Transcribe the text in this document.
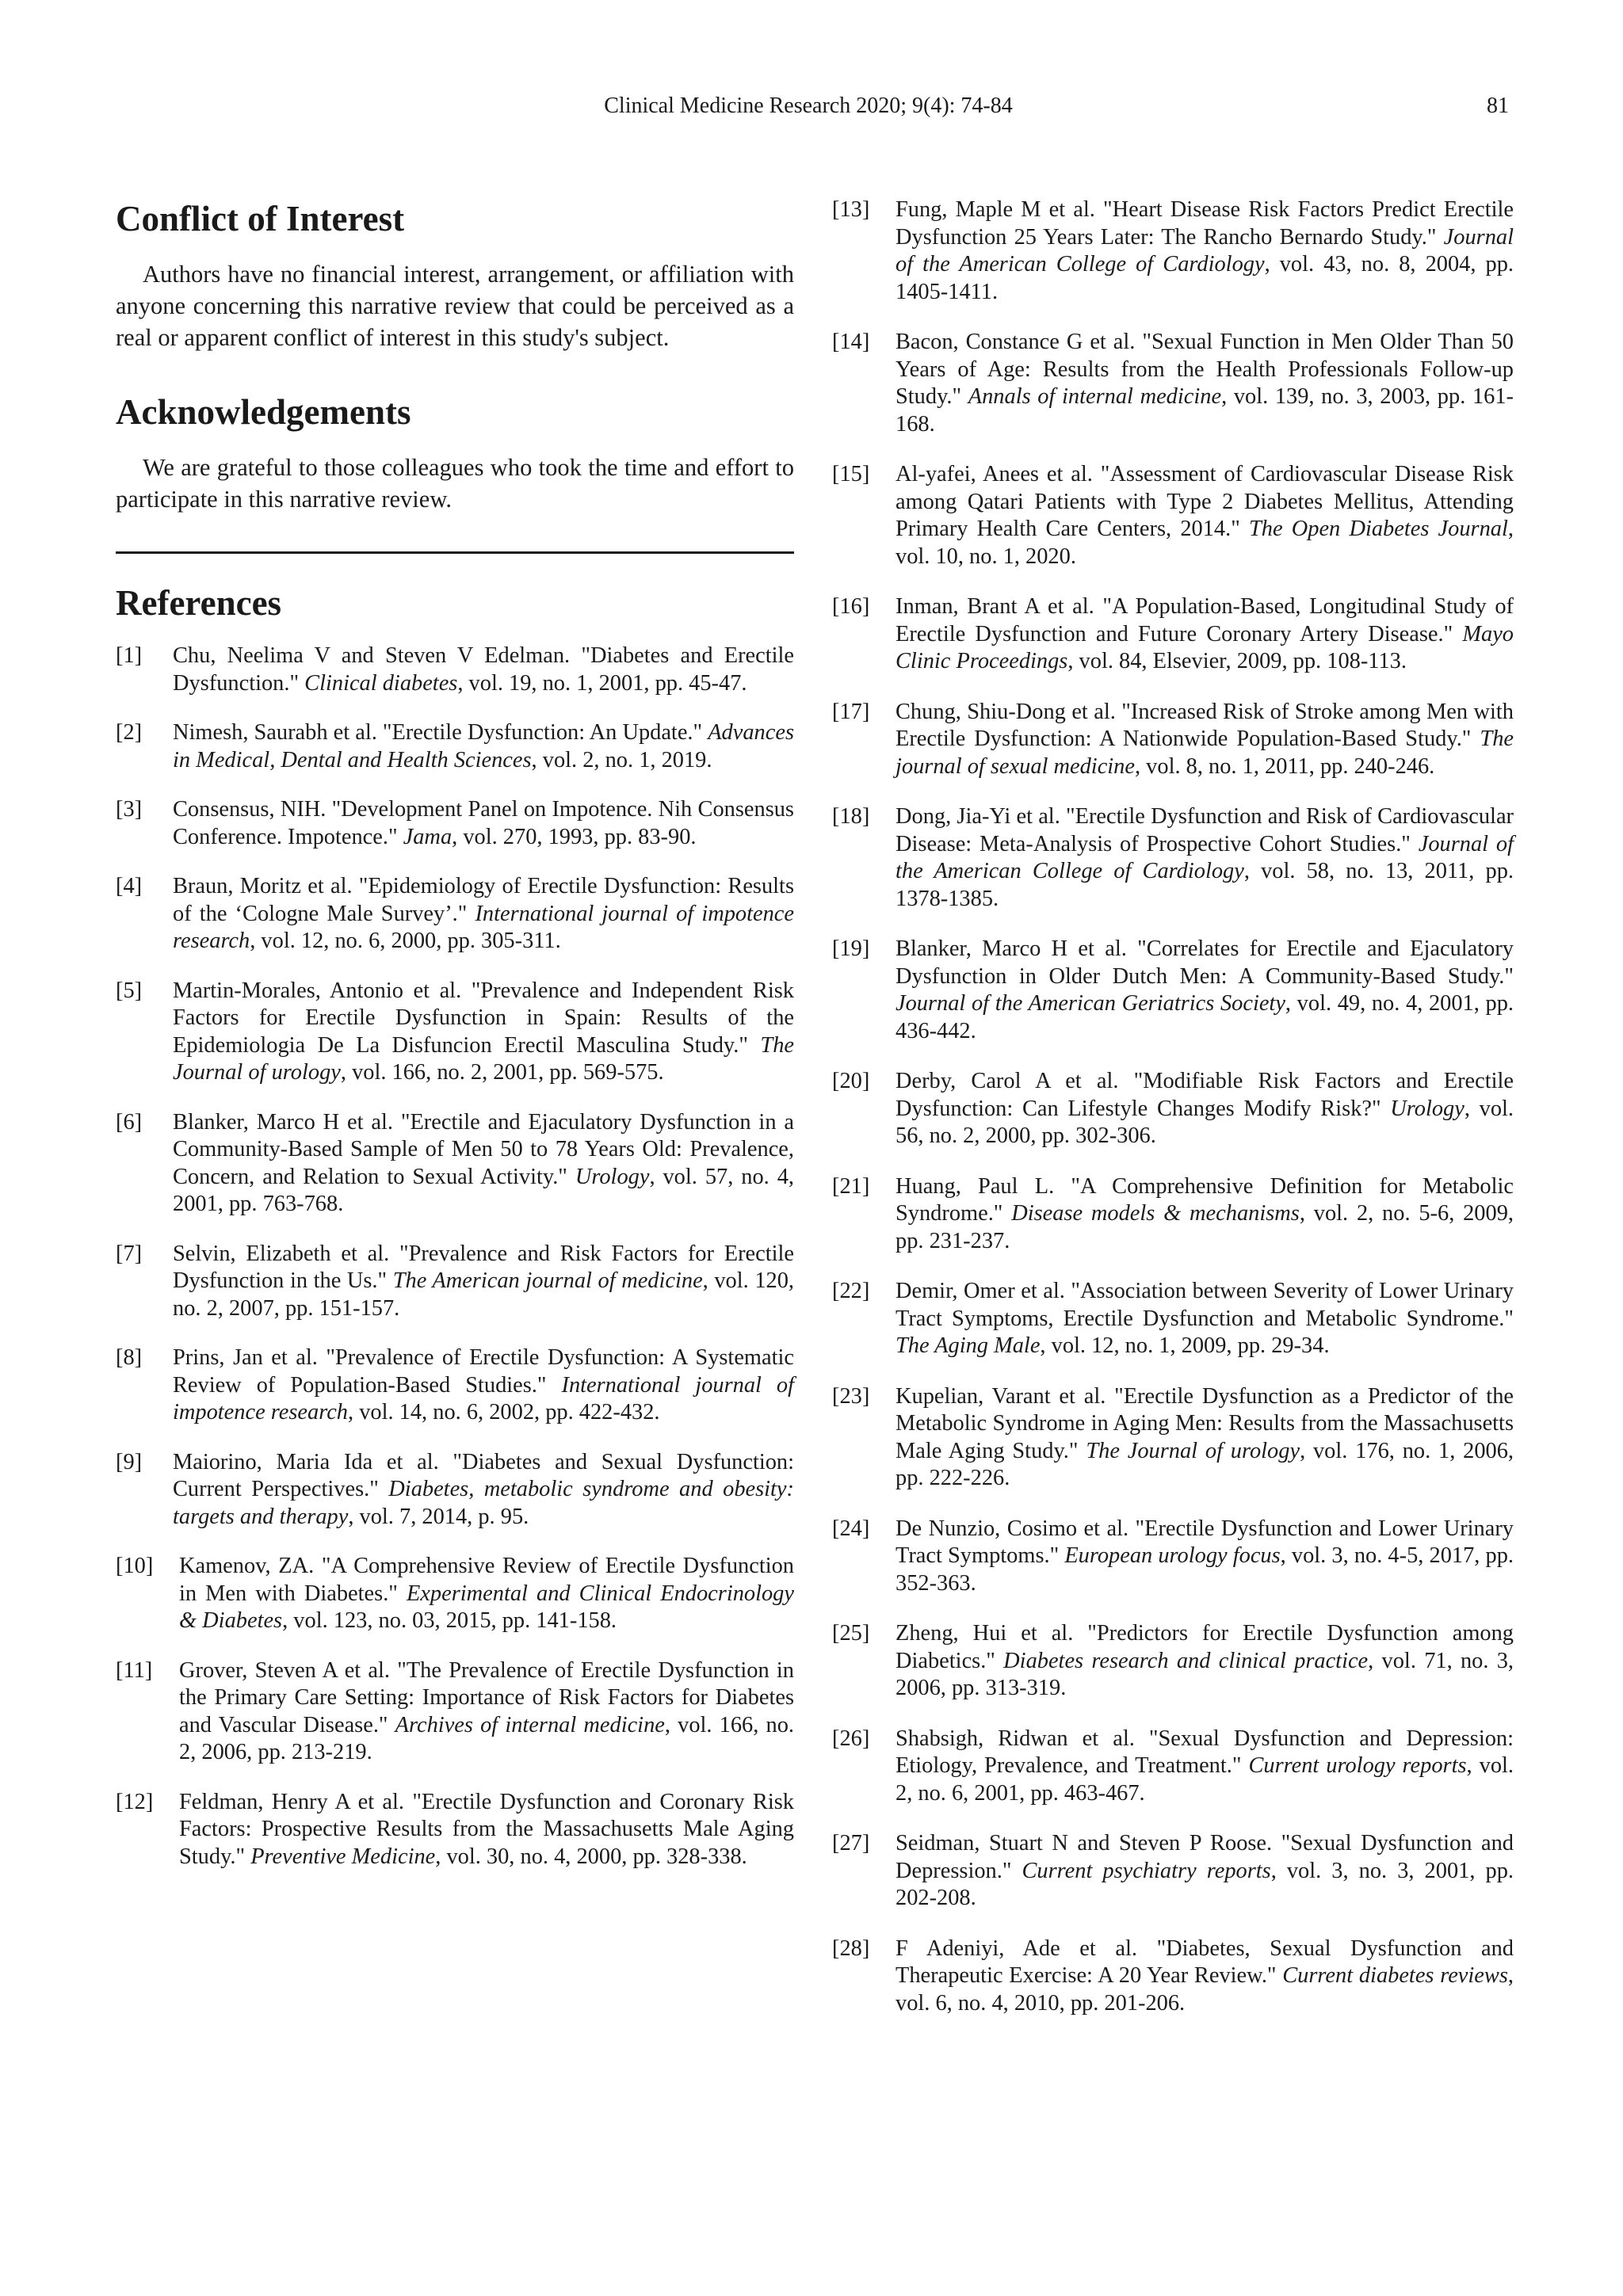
Clinical Medicine Research 2020; 9(4): 74-84	81
Conflict of Interest

Authors have no financial interest, arrangement, or affiliation with anyone concerning this narrative review that could be perceived as a real or apparent conflict of interest in this study's subject.

Acknowledgements

We are grateful to those colleagues who took the time and effort to participate in this narrative review.

References
[1]	Chu, Neelima V and Steven V Edelman. "Diabetes and Erectile Dysfunction." Clinical diabetes, vol. 19, no. 1, 2001, pp. 45-47.
[2]	Nimesh, Saurabh et al. "Erectile Dysfunction: An Update." Advances in Medical, Dental and Health Sciences, vol. 2, no. 1, 2019.
[3]	Consensus, NIH. "Development Panel on Impotence. Nih Consensus Conference. Impotence." Jama, vol. 270, 1993, pp. 83-90.
[4]	Braun, Moritz et al. "Epidemiology of Erectile Dysfunction: Results of the ‘Cologne Male Survey’." International journal of impotence research, vol. 12, no. 6, 2000, pp. 305-311.
[5]	Martin-Morales, Antonio et al. "Prevalence and Independent Risk Factors for Erectile Dysfunction in Spain: Results of the Epidemiologia De La Disfuncion Erectil Masculina Study." The Journal of urology, vol. 166, no. 2, 2001, pp. 569-575.
[6]	Blanker, Marco H et al. "Erectile and Ejaculatory Dysfunction in a Community-Based Sample of Men 50 to 78 Years Old: Prevalence, Concern, and Relation to Sexual Activity." Urology, vol. 57, no. 4, 2001, pp. 763-768.
[7]	Selvin, Elizabeth et al. "Prevalence and Risk Factors for Erectile Dysfunction in the Us." The American journal of medicine, vol. 120, no. 2, 2007, pp. 151-157.
[8]	Prins, Jan et al. "Prevalence of Erectile Dysfunction: A Systematic Review of Population-Based Studies." International journal of impotence research, vol. 14, no. 6, 2002, pp. 422-432.
[9]	Maiorino, Maria Ida et al. "Diabetes and Sexual Dysfunction: Current Perspectives." Diabetes, metabolic syndrome and obesity: targets and therapy, vol. 7, 2014, p. 95.
[10]	Kamenov, ZA. "A Comprehensive Review of Erectile Dysfunction in Men with Diabetes." Experimental and Clinical Endocrinology & Diabetes, vol. 123, no. 03, 2015, pp. 141-158.
[11]	Grover, Steven A et al. "The Prevalence of Erectile Dysfunction in the Primary Care Setting: Importance of Risk Factors for Diabetes and Vascular Disease." Archives of internal medicine, vol. 166, no. 2, 2006, pp. 213-219.
[12]	Feldman, Henry A et al. "Erectile Dysfunction and Coronary Risk Factors: Prospective Results from the Massachusetts Male Aging Study." Preventive Medicine, vol. 30, no. 4, 2000, pp. 328-338.
[13]	Fung, Maple M et al. "Heart Disease Risk Factors Predict Erectile Dysfunction 25 Years Later: The Rancho Bernardo Study." Journal of the American College of Cardiology, vol. 43, no. 8, 2004, pp. 1405-1411.
[14]	Bacon, Constance G et al. "Sexual Function in Men Older Than 50 Years of Age: Results from the Health Professionals Follow-up Study." Annals of internal medicine, vol. 139, no. 3, 2003, pp. 161-168.
[15]	Al-yafei, Anees et al. "Assessment of Cardiovascular Disease Risk among Qatari Patients with Type 2 Diabetes Mellitus, Attending Primary Health Care Centers, 2014." The Open Diabetes Journal, vol. 10, no. 1, 2020.
[16]	Inman, Brant A et al. "A Population-Based, Longitudinal Study of Erectile Dysfunction and Future Coronary Artery Disease." Mayo Clinic Proceedings, vol. 84, Elsevier, 2009, pp. 108-113.
[17]	Chung, Shiu‐Dong et al. "Increased Risk of Stroke among Men with Erectile Dysfunction: A Nationwide Population‐Based Study." The journal of sexual medicine, vol. 8, no. 1, 2011, pp. 240-246.
[18]	Dong, Jia-Yi et al. "Erectile Dysfunction and Risk of Cardiovascular Disease: Meta-Analysis of Prospective Cohort Studies." Journal of the American College of Cardiology, vol. 58, no. 13, 2011, pp. 1378-1385.
[19]	Blanker, Marco H et al. "Correlates for Erectile and Ejaculatory Dysfunction in Older Dutch Men: A Community‐Based Study." Journal of the American Geriatrics Society, vol. 49, no. 4, 2001, pp. 436-442.
[20]	Derby, Carol A et al. "Modifiable Risk Factors and Erectile Dysfunction: Can Lifestyle Changes Modify Risk?" Urology, vol. 56, no. 2, 2000, pp. 302-306.
[21]	Huang, Paul L. "A Comprehensive Definition for Metabolic Syndrome." Disease models & mechanisms, vol. 2, no. 5-6, 2009, pp. 231-237.
[22]	Demir, Omer et al. "Association between Severity of Lower Urinary Tract Symptoms, Erectile Dysfunction and Metabolic Syndrome." The Aging Male, vol. 12, no. 1, 2009, pp. 29-34.
[23]	Kupelian, Varant et al. "Erectile Dysfunction as a Predictor of the Metabolic Syndrome in Aging Men: Results from the Massachusetts Male Aging Study." The Journal of urology, vol. 176, no. 1, 2006, pp. 222-226.
[24]	De Nunzio, Cosimo et al. "Erectile Dysfunction and Lower Urinary Tract Symptoms." European urology focus, vol. 3, no. 4-5, 2017, pp. 352-363.
[25]	Zheng, Hui et al. "Predictors for Erectile Dysfunction among Diabetics." Diabetes research and clinical practice, vol. 71, no. 3, 2006, pp. 313-319.
[26]	Shabsigh, Ridwan et al. "Sexual Dysfunction and Depression: Etiology, Prevalence, and Treatment." Current urology reports, vol. 2, no. 6, 2001, pp. 463-467.
[27]	Seidman, Stuart N and Steven P Roose. "Sexual Dysfunction and Depression." Current psychiatry reports, vol. 3, no. 3, 2001, pp. 202-208.
[28]	F Adeniyi, Ade et al. "Diabetes, Sexual Dysfunction and Therapeutic Exercise: A 20 Year Review." Current diabetes reviews, vol. 6, no. 4, 2010, pp. 201-206.
